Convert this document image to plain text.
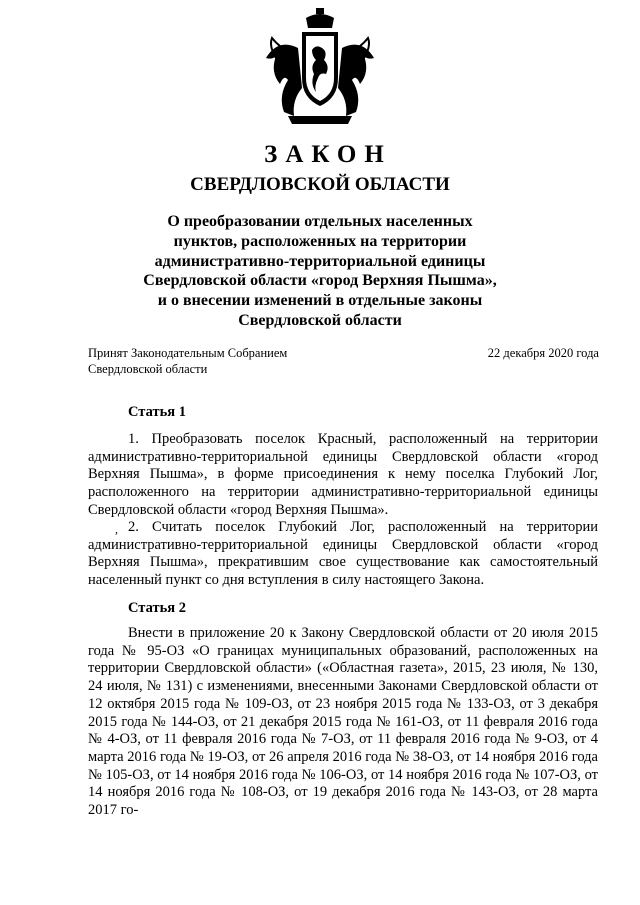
ЗАКОН
СВЕРДЛОВСКОЙ ОБЛАСТИ
О преобразовании отдельных населенных
пунктов, расположенных на территории
административно-территориальной единицы
Свердловской области «город Верхняя Пышма»,
и о внесении изменений в отдельные законы
Свердловской области
Принят Законодательным Собранием
Свердловской области
22 декабря 2020 года
Статья 1
1. Преобразовать поселок Красный, расположенный на территории административно-территориальной единицы Свердловской области «город Верхняя Пышма», в форме присоединения к нему поселка Глубокий Лог, расположенного на территории административно-территориальной единицы Свердловской области «город Верхняя Пышма».
, 2. Считать поселок Глубокий Лог, расположенный на территории административно-территориальной единицы Свердловской области «город Верхняя Пышма», прекратившим свое существование как самостоятельный населенный пункт со дня вступления в силу настоящего Закона.
Статья 2
Внести в приложение 20 к Закону Свердловской области от 20 июля 2015 года № 95-ОЗ «О границах муниципальных образований, расположенных на территории Свердловской области» («Областная газета», 2015, 23 июля, № 130, 24 июля, № 131) с изменениями, внесенными Законами Свердловской области от 12 октября 2015 года № 109-ОЗ, от 23 ноября 2015 года № 133-ОЗ, от 3 декабря 2015 года № 144-ОЗ, от 21 декабря 2015 года № 161-ОЗ, от 11 февраля 2016 года № 4-ОЗ, от 11 февраля 2016 года № 7-ОЗ, от 11 февраля 2016 года № 9-ОЗ, от 4 марта 2016 года № 19-ОЗ, от 26 апреля 2016 года № 38-ОЗ, от 14 ноября 2016 года № 105-ОЗ, от 14 ноября 2016 года № 106-ОЗ, от 14 ноября 2016 года № 107-ОЗ, от 14 ноября 2016 года № 108-ОЗ, от 19 декабря 2016 года № 143-ОЗ, от 28 марта 2017 го-
